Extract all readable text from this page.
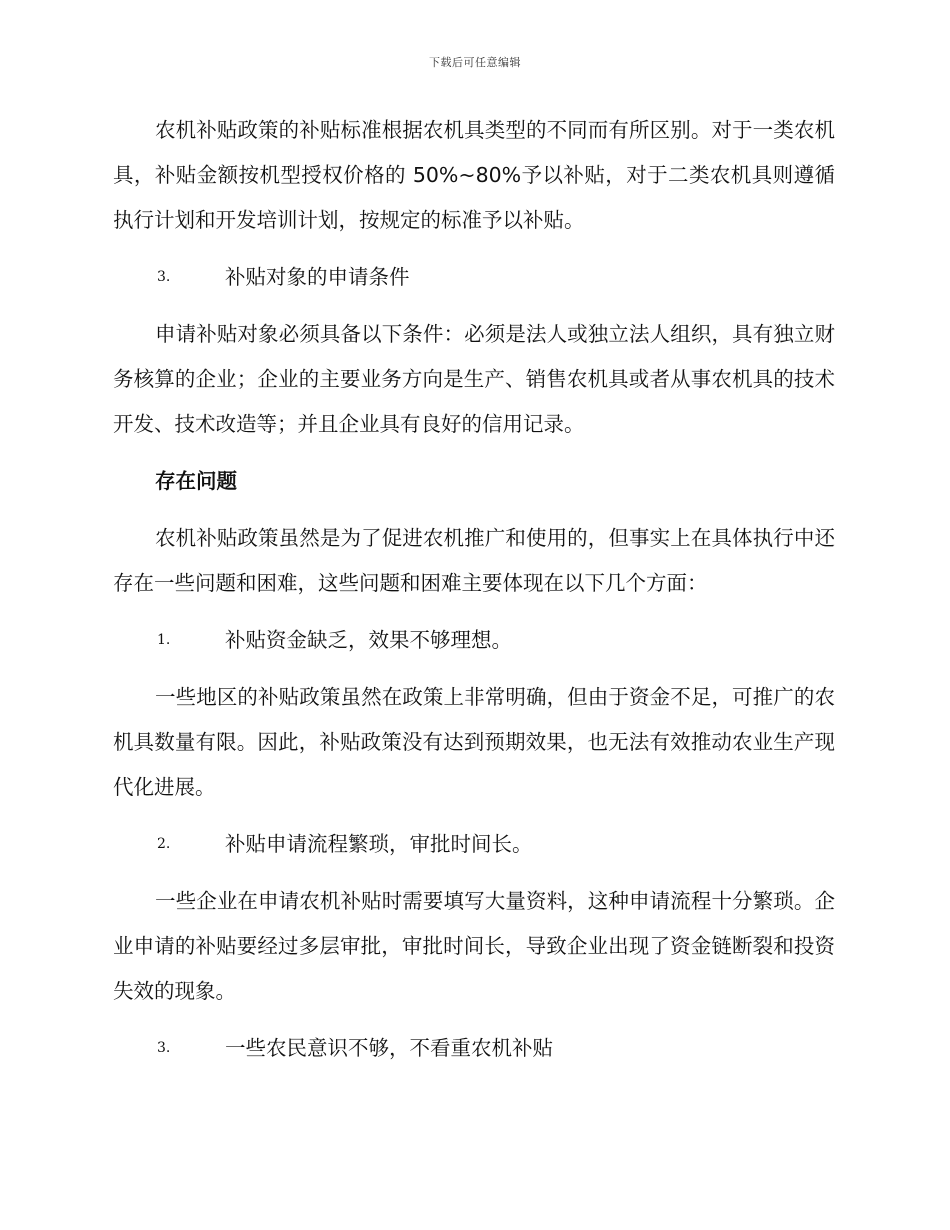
下载后可任意编辑

农机补贴政策的补贴标准根据农机具类型的不同而有所区别。对于一类农机具，补贴金额按机型授权价格的 50%~80%予以补贴，对于二类农机具则遵循执行计划和开发培训计划，按规定的标准予以补贴。

3.	补贴对象的申请条件

申请补贴对象必须具备以下条件：必须是法人或独立法人组织，具有独立财务核算的企业；企业的主要业务方向是生产、销售农机具或者从事农机具的技术开发、技术改造等；并且企业具有良好的信用记录。

存在问题

农机补贴政策虽然是为了促进农机推广和使用的，但事实上在具体执行中还存在一些问题和困难，这些问题和困难主要体现在以下几个方面：

1.	补贴资金缺乏，效果不够理想。

一些地区的补贴政策虽然在政策上非常明确，但由于资金不足，可推广的农机具数量有限。因此，补贴政策没有达到预期效果，也无法有效推动农业生产现代化进展。

2.	补贴申请流程繁琐，审批时间长。

一些企业在申请农机补贴时需要填写大量资料，这种申请流程十分繁琐。企业申请的补贴要经过多层审批，审批时间长，导致企业出现了资金链断裂和投资失效的现象。

3.	一些农民意识不够，不看重农机补贴
